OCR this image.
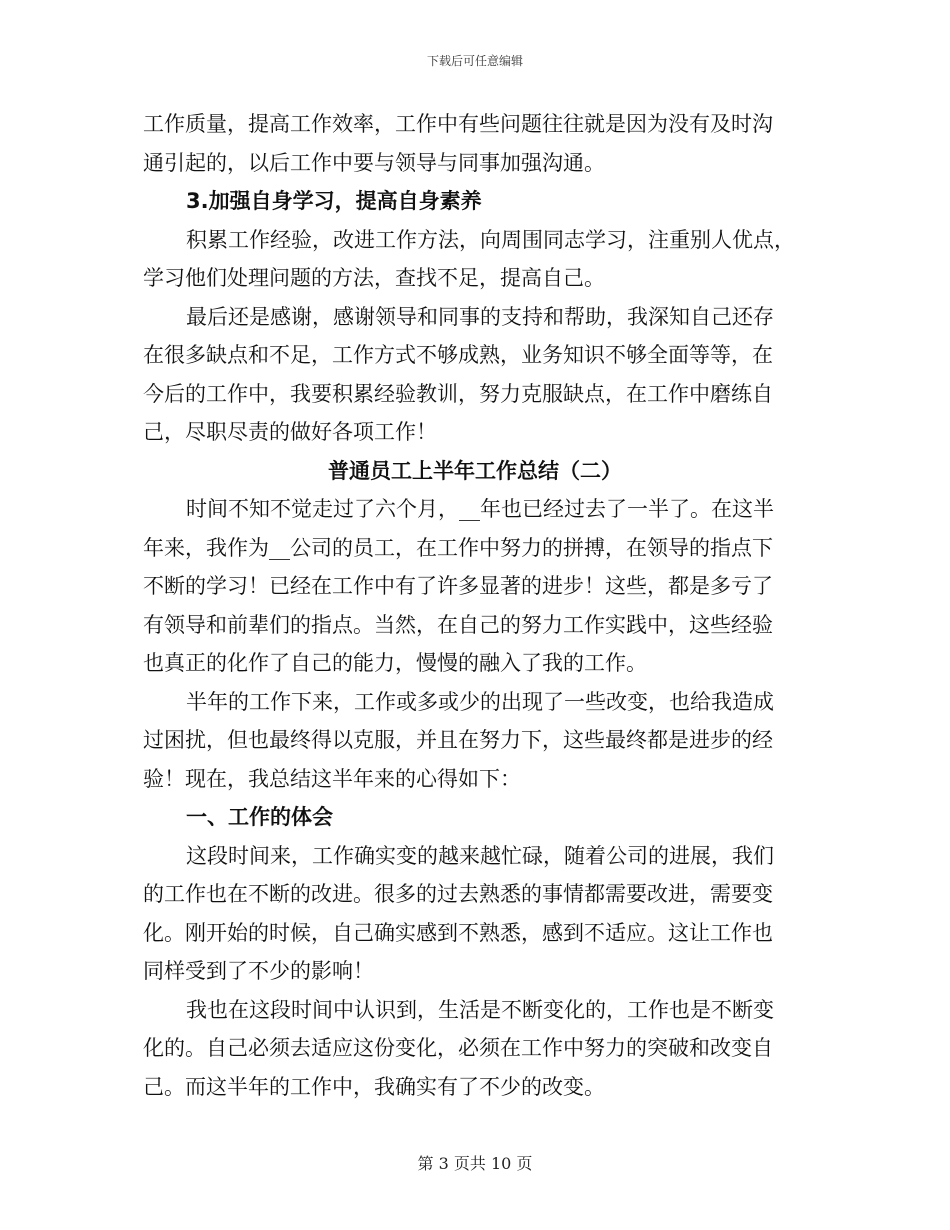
下载后可任意编辑
工作质量，提高工作效率，工作中有些问题往往就是因为没有及时沟
通引起的，以后工作中要与领导与同事加强沟通。
3.加强自身学习，提高自身素养
积累工作经验，改进工作方法，向周围同志学习，注重别人优点，
学习他们处理问题的方法，查找不足，提高自己。
最后还是感谢，感谢领导和同事的支持和帮助，我深知自己还存
在很多缺点和不足，工作方式不够成熟，业务知识不够全面等等，在
今后的工作中，我要积累经验教训，努力克服缺点，在工作中磨练自
己，尽职尽责的做好各项工作！
普通员工上半年工作总结（二）
时间不知不觉走过了六个月，__年也已经过去了一半了。在这半
年来，我作为__公司的员工，在工作中努力的拼搏，在领导的指点下
不断的学习！已经在工作中有了许多显著的进步！这些，都是多亏了
有领导和前辈们的指点。当然，在自己的努力工作实践中，这些经验
也真正的化作了自己的能力，慢慢的融入了我的工作。
半年的工作下来，工作或多或少的出现了一些改变，也给我造成
过困扰，但也最终得以克服，并且在努力下，这些最终都是进步的经
验！现在，我总结这半年来的心得如下：
一、工作的体会
这段时间来，工作确实变的越来越忙碌，随着公司的进展，我们
的工作也在不断的改进。很多的过去熟悉的事情都需要改进，需要变
化。刚开始的时候，自己确实感到不熟悉，感到不适应。这让工作也
同样受到了不少的影响！
我也在这段时间中认识到，生活是不断变化的，工作也是不断变
化的。自己必须去适应这份变化，必须在工作中努力的突破和改变自
己。而这半年的工作中，我确实有了不少的改变。
第 3 页共 10 页
